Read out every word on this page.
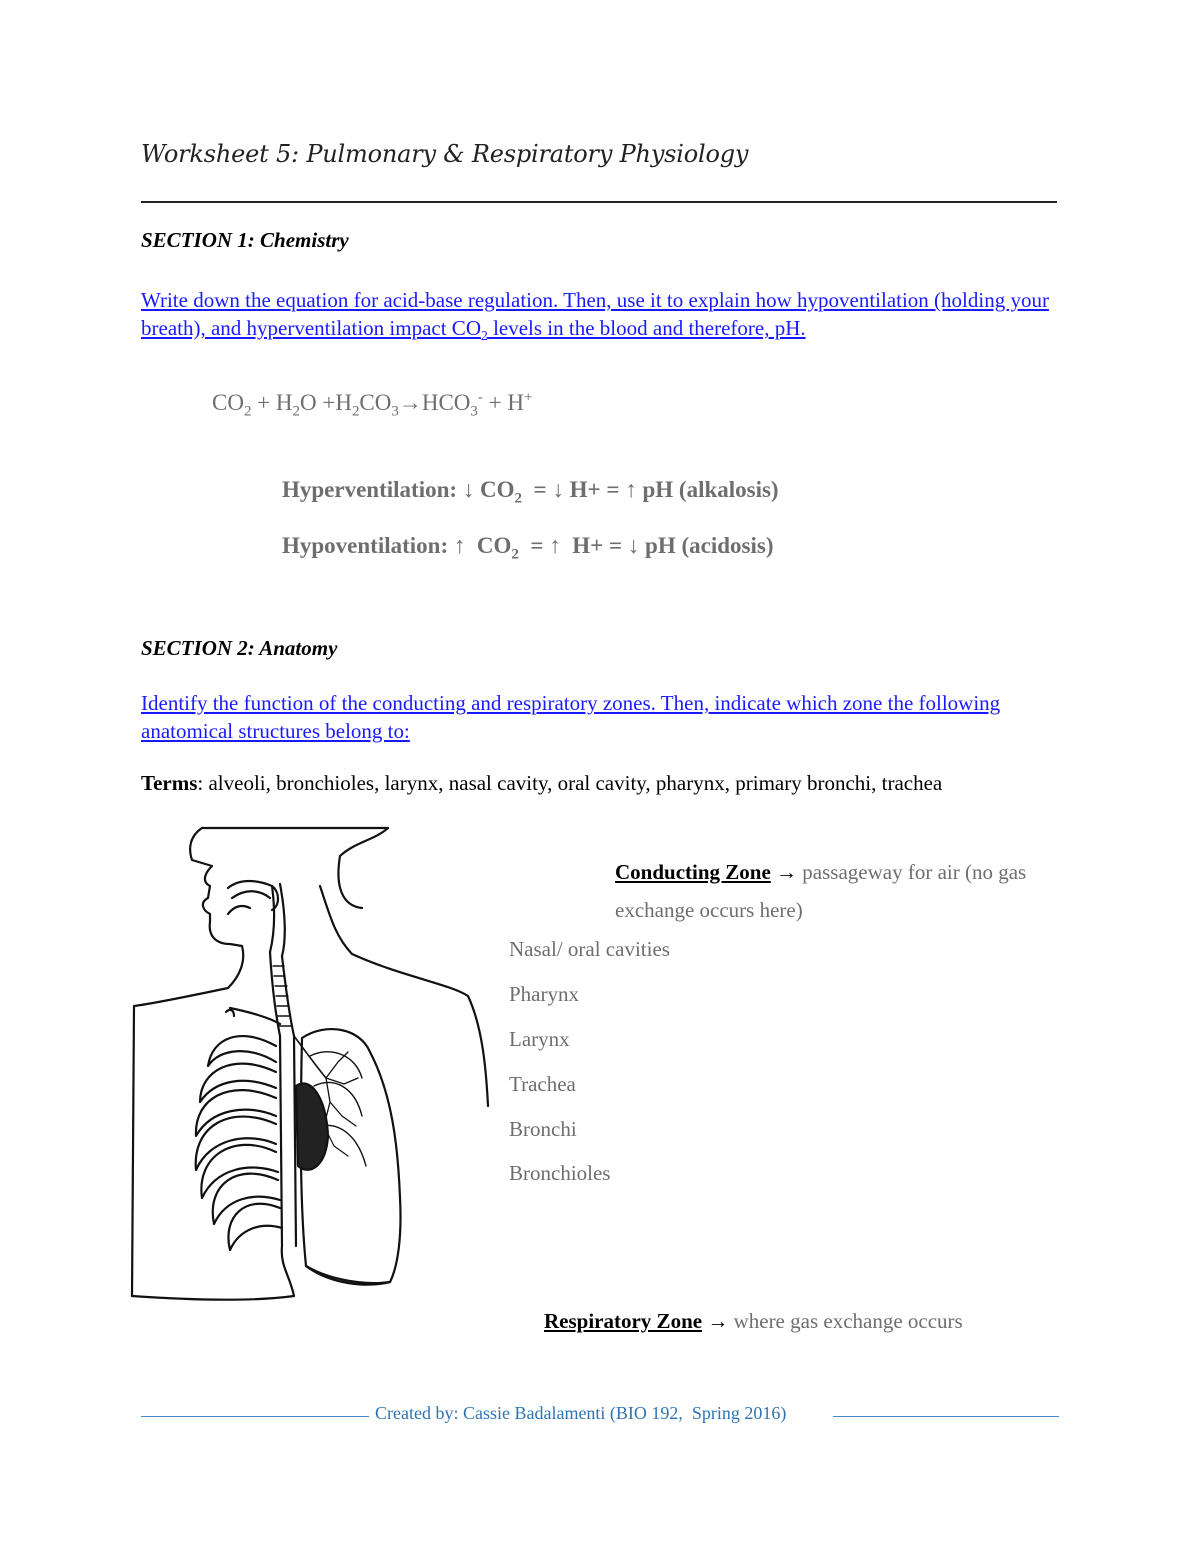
Worksheet 5: Pulmonary & Respiratory Physiology
SECTION 1: Chemistry
Write down the equation for acid-base regulation. Then, use it to explain how hypoventilation (holding your breath), and hyperventilation impact $CO_2$ levels in the blood and therefore, pH.
$CO_2 + H_2O +H_2CO_3\to HCO_3^- + H^+$
Hyperventilation: ↓ $CO_2$  = ↓ H+ = ↑ pH (alkalosis)
Hypoventilation: ↑  $CO_2$  = ↑  H+ = ↓ pH (acidosis)
SECTION 2: Anatomy
Identify the function of the conducting and respiratory zones. Then, indicate which zone the following anatomical structures belong to:
Terms: alveoli, bronchioles, larynx, nasal cavity, oral cavity, pharynx, primary bronchi, trachea
Conducting Zone → passageway for air (no gas exchange occurs here)
Nasal/ oral cavities
Pharynx
Larynx
Trachea
Bronchi
Bronchioles
Respiratory Zone → where gas exchange occurs
Created by: Cassie Badalamenti (BIO 192,  Spring 2016)
